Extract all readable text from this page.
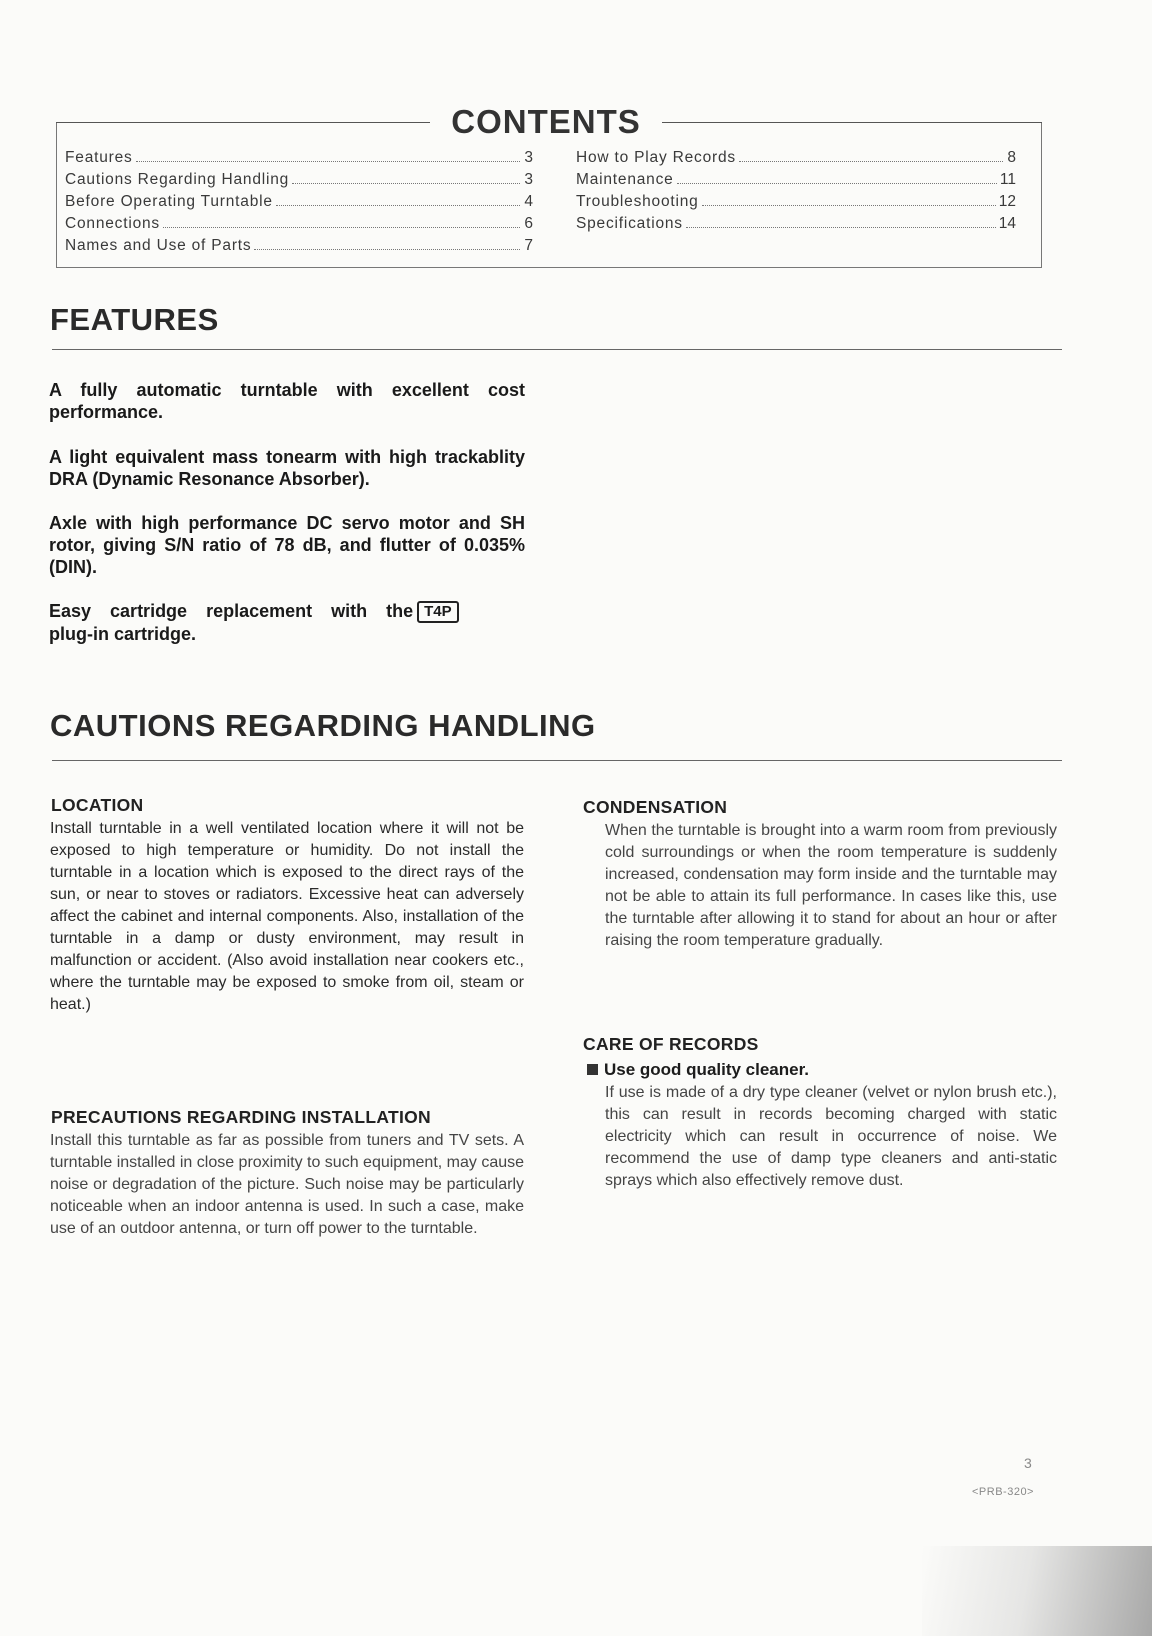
CONTENTS
Features	3
Cautions Regarding Handling	3
Before Operating Turntable	4
Connections	6
Names and Use of Parts	7
How to Play Records	8
Maintenance	11
Troubleshooting	12
Specifications	14
FEATURES
A fully automatic turntable with excellent cost performance.
A light equivalent mass tonearm with high trackablity DRA (Dynamic Resonance Absorber).
Axle with high performance DC servo motor and SH rotor, giving S/N ratio of 78 dB, and flutter of 0.035% (DIN).
Easy cartridge replacement with the T4P
plug-in cartridge.
CAUTIONS REGARDING HANDLING
LOCATION
Install turntable in a well ventilated location where it will not be exposed to high temperature or humidity. Do not install the turntable in a location which is exposed to the direct rays of the sun, or near to stoves or radiators. Excessive heat can adversely affect the cabinet and internal components. Also, installation of the turntable in a damp or dusty environment, may result in malfunction or accident. (Also avoid installation near cookers etc., where the turntable may be exposed to smoke from oil, steam or heat.)
PRECAUTIONS REGARDING INSTALLATION
Install this turntable as far as possible from tuners and TV sets. A turntable installed in close proximity to such equipment, may cause noise or degradation of the picture. Such noise may be particularly noticeable when an indoor antenna is used. In such a case, make use of an outdoor antenna, or turn off power to the turntable.
CONDENSATION
When the turntable is brought into a warm room from previously cold surroundings or when the room temperature is suddenly increased, condensation may form inside and the turntable may not be able to attain its full performance. In cases like this, use the turntable after allowing it to stand for about an hour or after raising the room temperature gradually.
CARE OF RECORDS
Use good quality cleaner.
If use is made of a dry type cleaner (velvet or nylon brush etc.), this can result in records becoming charged with static electricity which can result in occurrence of noise. We recommend the use of damp type cleaners and anti-static sprays which also effectively remove dust.
3
<PRB-320>
